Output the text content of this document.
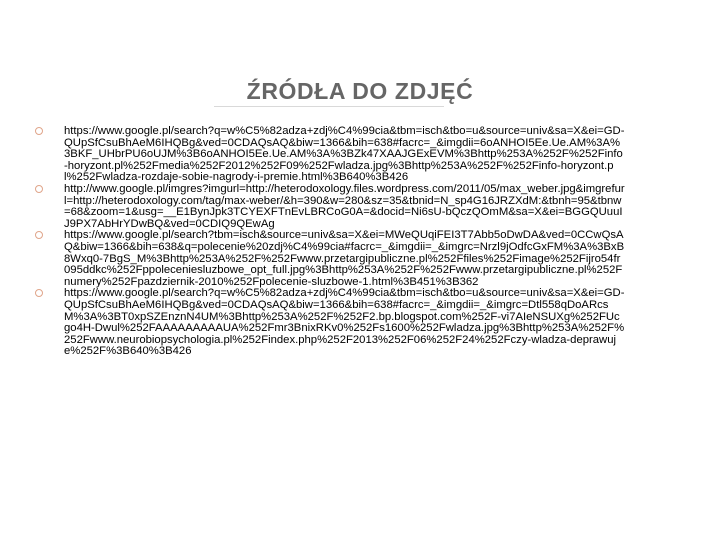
ŹRÓDŁA DO ZDJĘĆ
https://www.google.pl/search?q=w%C5%82adza+zdj%C4%99cia&tbm=isch&tbo=u&source=univ&sa=X&ei=GD-QUpSfCsuBhAeM6IHQBg&ved=0CDAQsAQ&biw=1366&bih=638#facrc=_&imgdii=6oANHOI5Ee.Ue.AM%3A%3BKF_UHbrPU6oUJM%3B6oANHOI5Ee.Ue.AM%3A%3BZk47XAAJGExEVM%3Bhttp%253A%252F%252Finfo-horyzont.pl%252Fmedia%252F2012%252F09%252Fwladza.jpg%3Bhttp%253A%252F%252Finfo-horyzont.pl%252Fwladza-rozdaje-sobie-nagrody-i-premie.html%3B640%3B426
http://www.google.pl/imgres?imgurl=http://heterodoxology.files.wordpress.com/2011/05/max_weber.jpg&imgrefurl=http://heterodoxology.com/tag/max-weber/&h=390&w=280&sz=35&tbnid=N_sp4G16JRZXdM:&tbnh=95&tbnw=68&zoom=1&usg=__E1BynJpk3TCYEXFTnEvLBRCoG0A=&docid=Ni6sU-bQczQOmM&sa=X&ei=BGGQUuuIJ9PX7AbHrYDwBQ&ved=0CDIQ9QEwAg
https://www.google.pl/search?tbm=isch&source=univ&sa=X&ei=MWeQUqiFEI3T7Abb5oDwDA&ved=0CCwQsAQ&biw=1366&bih=638&q=polecenie%20zdj%C4%99cia#facrc=_&imgdii=_&imgrc=Nrzl9jOdfcGxFM%3A%3BxB8Wxq0-7BgS_M%3Bhttp%253A%252F%252Fwww.przetargipubliczne.pl%252Ffiles%252Fimage%252Fijro54fr095ddkc%252Fppoleceniesluzbowe_opt_full.jpg%3Bhttp%253A%252F%252Fwww.przetargipubliczne.pl%252Fnumery%252Fpazdziernik-2010%252Fpolecenie-sluzbowe-1.html%3B451%3B362
https://www.google.pl/search?q=w%C5%82adza+zdj%C4%99cia&tbm=isch&tbo=u&source=univ&sa=X&ei=GD-QUpSfCsuBhAeM6IHQBg&ved=0CDAQsAQ&biw=1366&bih=638#facrc=_&imgdii=_&imgrc=Dtl558qDoARcsM%3A%3BT0xpSZEnznN4UM%3Bhttp%253A%252F%252F2.bp.blogspot.com%252F-vi7AIeNSUXg%252FUcgo4H-Dwul%252FAAAAAAAAAUA%252Fmr3BnixRKv0%252Fs1600%252Fwladza.jpg%3Bhttp%253A%252F%252Fwww.neurobiopsychologia.pl%252Findex.php%252F2013%252F06%252F24%252Fczy-wladza-deprawuje%252F%3B640%3B426
